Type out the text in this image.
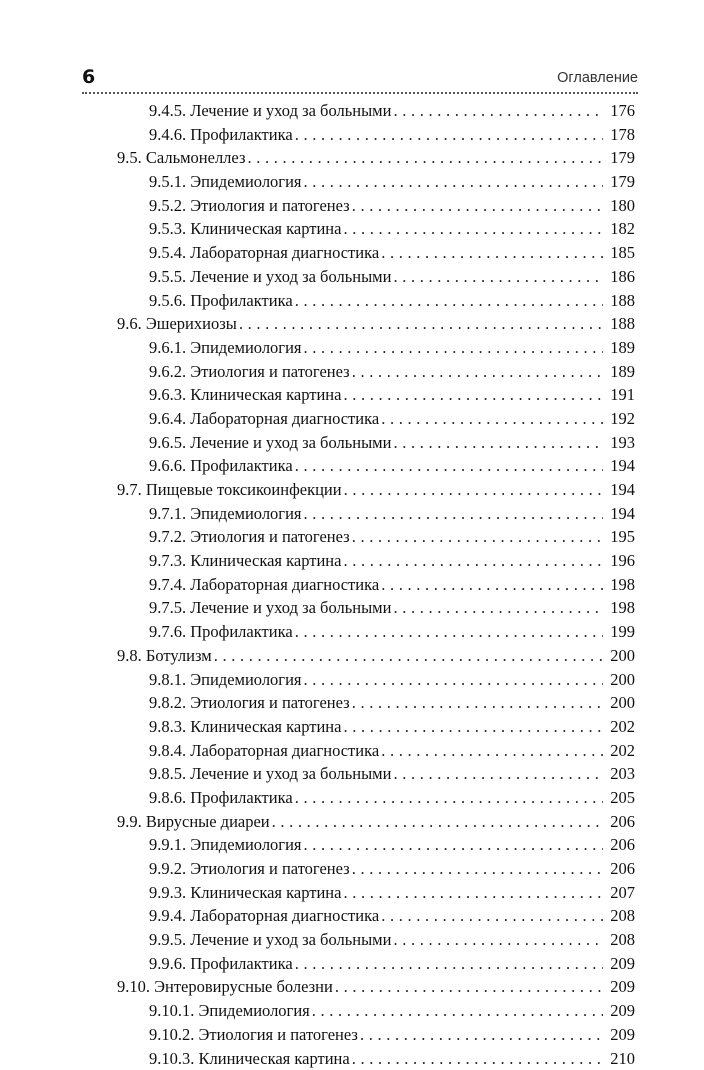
6	Оглавление
9.4.5. Лечение и уход за больными . . .	176
9.4.6. Профилактика . . .	178
9.5. Сальмонеллез . . .	179
9.5.1. Эпидемиология . . .	179
9.5.2. Этиология и патогенез . . .	180
9.5.3. Клиническая картина . . .	182
9.5.4. Лабораторная диагностика . . .	185
9.5.5. Лечение и уход за больными . . .	186
9.5.6. Профилактика . . .	188
9.6. Эшерихиозы . . .	188
9.6.1. Эпидемиология . . .	189
9.6.2. Этиология и патогенез . . .	189
9.6.3. Клиническая картина . . .	191
9.6.4. Лабораторная диагностика . . .	192
9.6.5. Лечение и уход за больными . . .	193
9.6.6. Профилактика . . .	194
9.7. Пищевые токсикоинфекции . . .	194
9.7.1. Эпидемиология . . .	194
9.7.2. Этиология и патогенез . . .	195
9.7.3. Клиническая картина . . .	196
9.7.4. Лабораторная диагностика . . .	198
9.7.5. Лечение и уход за больными . . .	198
9.7.6. Профилактика . . .	199
9.8. Ботулизм . . .	200
9.8.1. Эпидемиология . . .	200
9.8.2. Этиология и патогенез . . .	200
9.8.3. Клиническая картина . . .	202
9.8.4. Лабораторная диагностика . . .	202
9.8.5. Лечение и уход за больными . . .	203
9.8.6. Профилактика . . .	205
9.9. Вирусные диареи . . .	206
9.9.1. Эпидемиология . . .	206
9.9.2. Этиология и патогенез . . .	206
9.9.3. Клиническая картина . . .	207
9.9.4. Лабораторная диагностика . . .	208
9.9.5. Лечение и уход за больными . . .	208
9.9.6. Профилактика . . .	209
9.10. Энтеровирусные болезни . . .	209
9.10.1. Эпидемиология . . .	209
9.10.2. Этиология и патогенез . . .	209
9.10.3. Клиническая картина . . .	210
